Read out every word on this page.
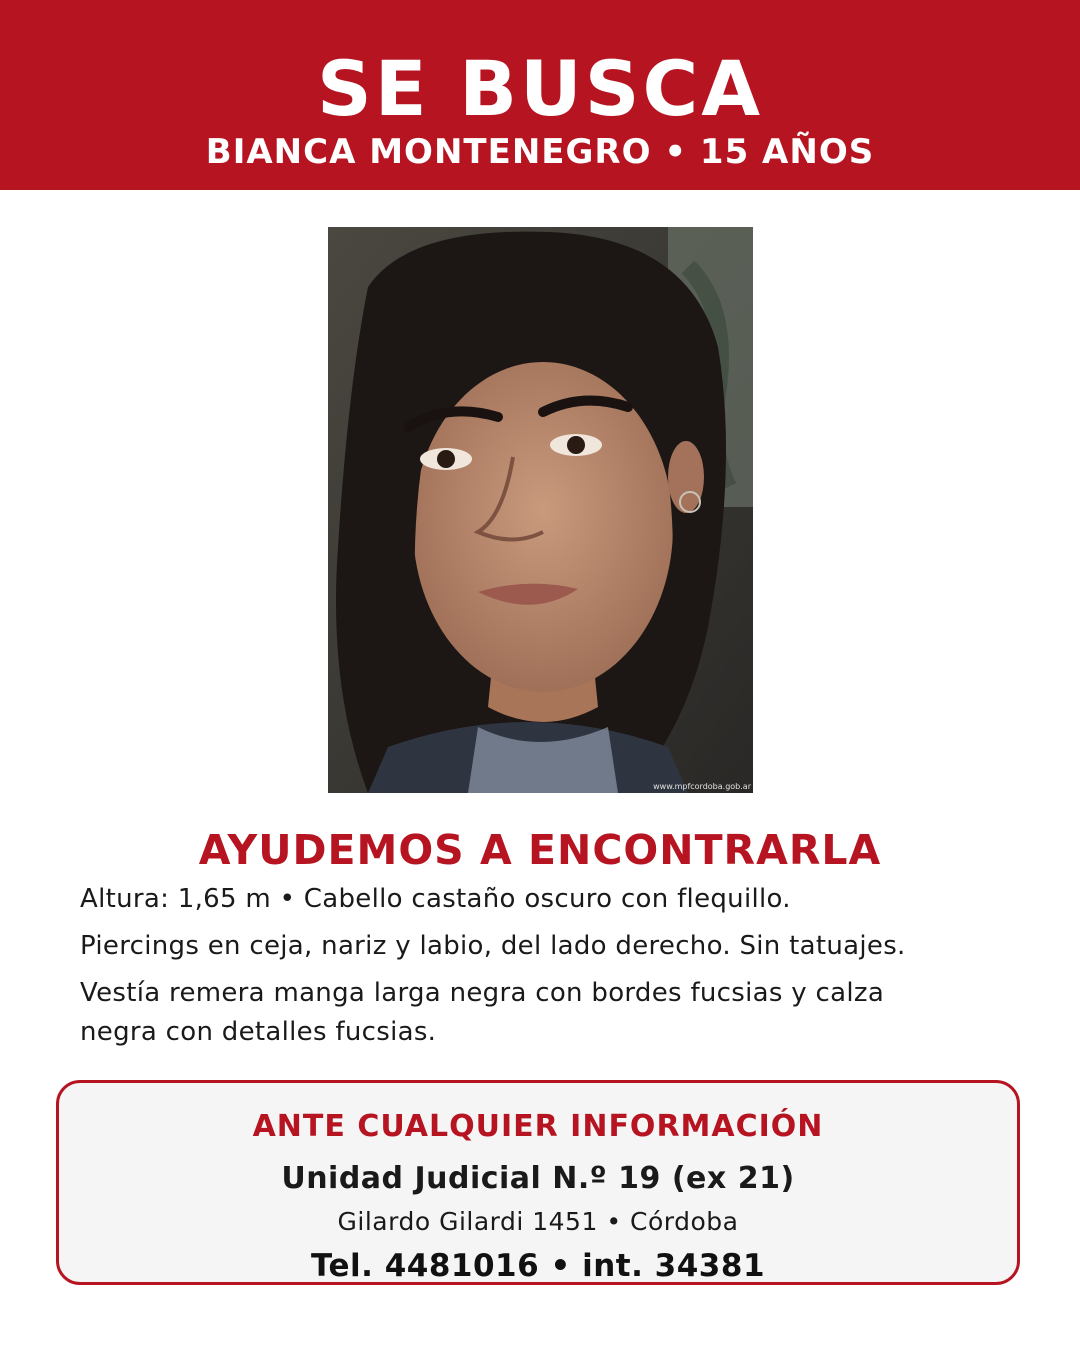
SE BUSCA
BIANCA MONTENEGRO • 15 AÑOS
www.mpfcordoba.gob.ar
AYUDEMOS A ENCONTRARLA

Altura: 1,65 m • Cabello castaño oscuro con flequillo.

Piercings en ceja, nariz y labio, del lado derecho. Sin tatuajes.

Vestía remera manga larga negra con bordes fucsias y calza negra con detalles fucsias.

ANTE CUALQUIER INFORMACIÓN
Unidad Judicial N.º 19 (ex 21)
Gilardo Gilardi 1451 • Córdoba
Tel. 4481016 • int. 34381
